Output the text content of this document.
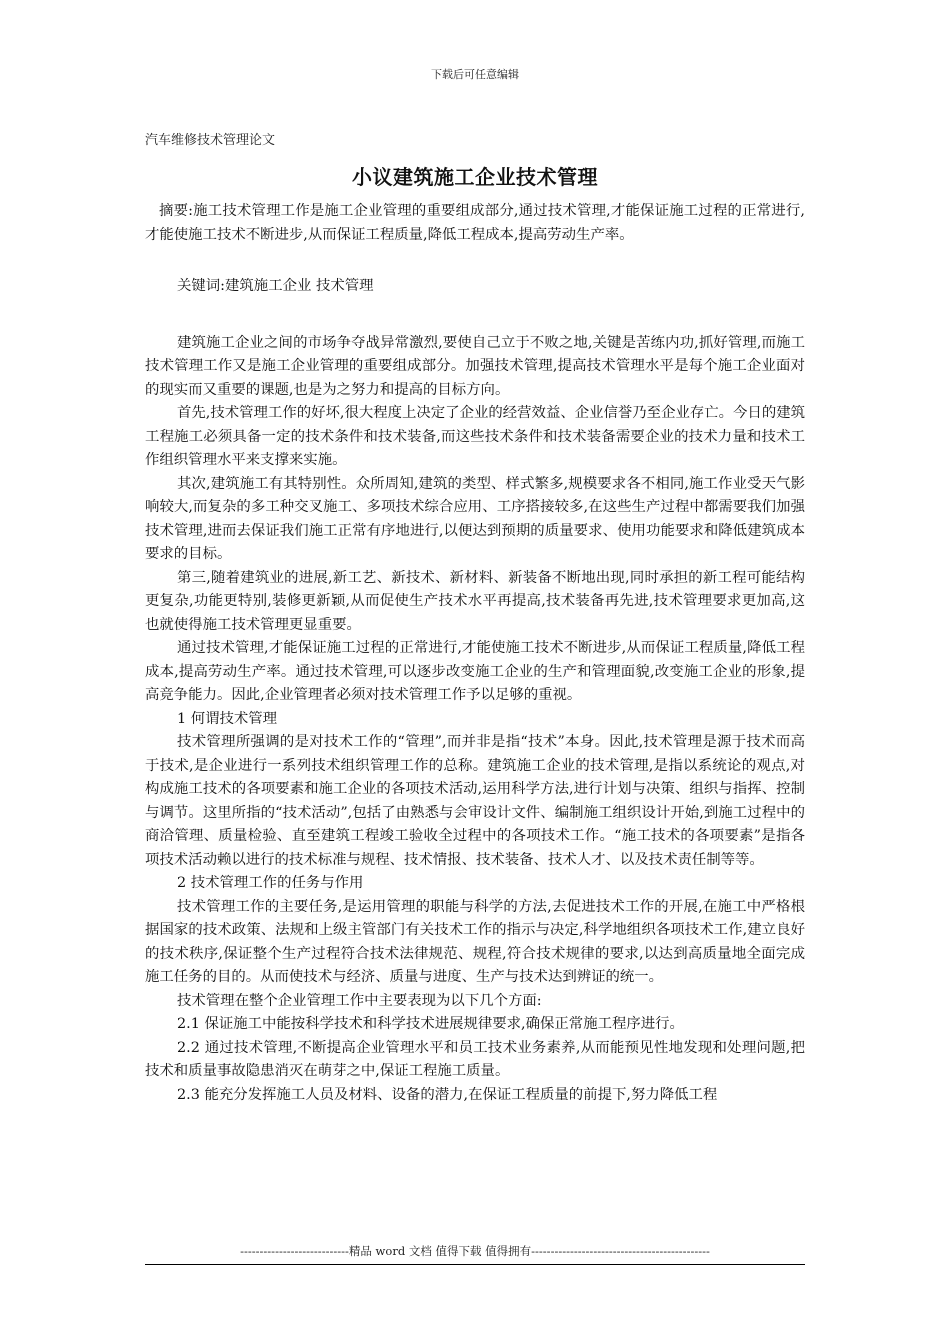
下载后可任意编辑
汽车维修技术管理论文
小议建筑施工企业技术管理

摘要:施工技术管理工作是施工企业管理的重要组成部分,通过技术管理,才能保证施工过程的正常进行,才能使施工技术不断进步,从而保证工程质量,降低工程成本,提高劳动生产率。

关键词:建筑施工企业 技术管理

建筑施工企业之间的市场争夺战异常激烈,要使自己立于不败之地,关键是苦练内功,抓好管理,而施工技术管理工作又是施工企业管理的重要组成部分。加强技术管理,提高技术管理水平是每个施工企业面对的现实而又重要的课题,也是为之努力和提高的目标方向。

首先,技术管理工作的好坏,很大程度上决定了企业的经营效益、企业信誉乃至企业存亡。今日的建筑工程施工必须具备一定的技术条件和技术装备,而这些技术条件和技术装备需要企业的技术力量和技术工作组织管理水平来支撑来实施。

其次,建筑施工有其特别性。众所周知,建筑的类型、样式繁多,规模要求各不相同,施工作业受天气影响较大,而复杂的多工种交叉施工、多项技术综合应用、工序搭接较多,在这些生产过程中都需要我们加强技术管理,进而去保证我们施工正常有序地进行,以便达到预期的质量要求、使用功能要求和降低建筑成本要求的目标。

第三,随着建筑业的进展,新工艺、新技术、新材料、新装备不断地出现,同时承担的新工程可能结构更复杂,功能更特别,装修更新颖,从而促使生产技术水平再提高,技术装备再先进,技术管理要求更加高,这也就使得施工技术管理更显重要。

通过技术管理,才能保证施工过程的正常进行,才能使施工技术不断进步,从而保证工程质量,降低工程成本,提高劳动生产率。通过技术管理,可以逐步改变施工企业的生产和管理面貌,改变施工企业的形象,提高竞争能力。因此,企业管理者必须对技术管理工作予以足够的重视。

1 何谓技术管理

技术管理所强调的是对技术工作的“管理”,而并非是指“技术”本身。因此,技术管理是源于技术而高于技术,是企业进行一系列技术组织管理工作的总称。建筑施工企业的技术管理,是指以系统论的观点,对构成施工技术的各项要素和施工企业的各项技术活动,运用科学方法,进行计划与决策、组织与指挥、控制与调节。这里所指的“技术活动”,包括了由熟悉与会审设计文件、编制施工组织设计开始,到施工过程中的商洽管理、质量检验、直至建筑工程竣工验收全过程中的各项技术工作。“施工技术的各项要素”是指各项技术活动赖以进行的技术标准与规程、技术情报、技术装备、技术人才、以及技术责任制等等。

2 技术管理工作的任务与作用

技术管理工作的主要任务,是运用管理的职能与科学的方法,去促进技术工作的开展,在施工中严格根据国家的技术政策、法规和上级主管部门有关技术工作的指示与决定,科学地组织各项技术工作,建立良好的技术秩序,保证整个生产过程符合技术法律规范、规程,符合技术规律的要求,以达到高质量地全面完成施工任务的目的。从而使技术与经济、质量与进度、生产与技术达到辨证的统一。

技术管理在整个企业管理工作中主要表现为以下几个方面:

2.1 保证施工中能按科学技术和科学技术进展规律要求,确保正常施工程序进行。

2.2 通过技术管理,不断提高企业管理水平和员工技术业务素养,从而能预见性地发现和处理问题,把技术和质量事故隐患消灭在萌芽之中,保证工程施工质量。

2.3 能充分发挥施工人员及材料、设备的潜力,在保证工程质量的前提下,努力降低工程

----------------------------精品 word 文档 值得下载 值得拥有----------------------------------------------
